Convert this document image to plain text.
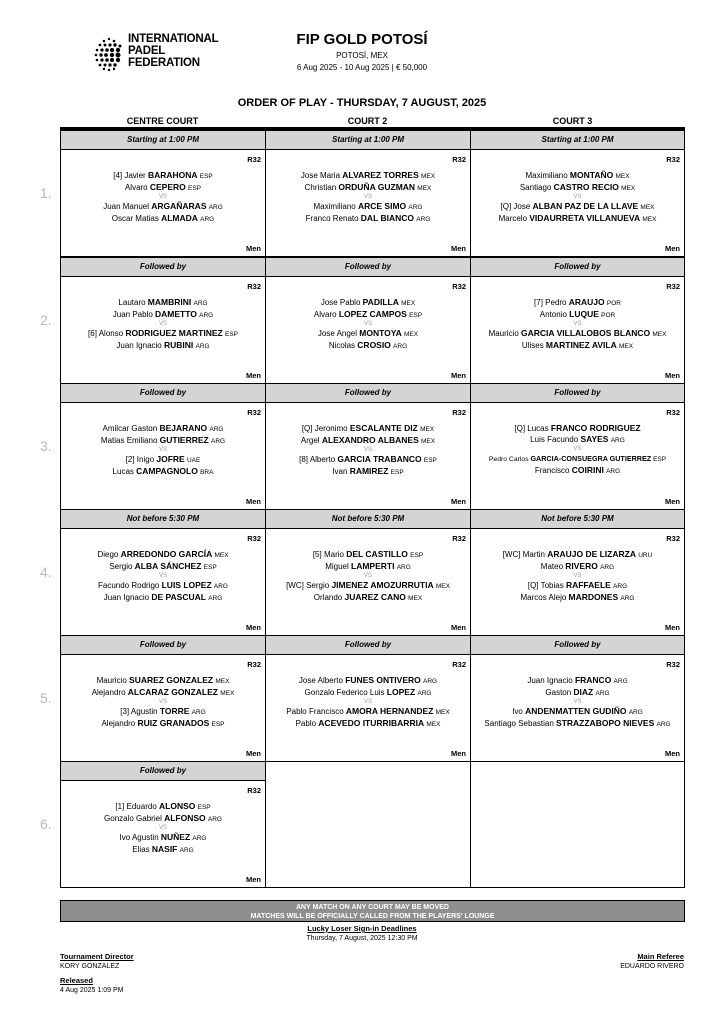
INTERNATIONAL
PADEL
FEDERATION
FIP GOLD POTOSÍ
POTOSÍ, MEX
6 Aug 2025 - 10 Aug 2025 | € 50,000
ORDER OF PLAY - THURSDAY, 7 AUGUST, 2025
CENTRE COURT	COURT 2	COURT 3
1.
Starting at 1:00 PM
R32
[4] Javier BARAHONA ESP
Alvaro CEPERO ESP
VS
Juan Manuel ARGAÑARAS ARG
Oscar Matias ALMADA ARG
Men
Starting at 1:00 PM
R32
Jose Maria ALVAREZ TORRES MEX
Christian ORDUÑA GUZMAN MEX
VS
Maximiliano ARCE SIMO ARG
Franco Renato DAL BIANCO ARG
Men
Starting at 1:00 PM
R32
Maximiliano MONTAÑO MEX
Santiago CASTRO RECIO MEX
VS
[Q] Jose ALBAN PAZ DE LA LLAVE MEX
Marcelo VIDAURRETA VILLANUEVA MEX
Men
2.
Followed by
R32
Lautaro MAMBRINI ARG
Juan Pablo DAMETTO ARG
VS
[6] Alonso RODRIGUEZ MARTINEZ ESP
Juan Ignacio RUBINI ARG
Men
Followed by
R32
Jose Pablo PADILLA MEX
Alvaro LOPEZ CAMPOS ESP
VS
Jose Angel MONTOYA MEX
Nicolas CROSIO ARG
Men
Followed by
R32
[7] Pedro ARAUJO POR
Antonio LUQUE POR
VS
Mauricio GARCIA VILLALOBOS BLANCO MEX
Ulises MARTINEZ AVILA MEX
Men
3.
Followed by
R32
Amilcar Gaston BEJARANO ARG
Matias Emiliano GUTIERREZ ARG
VS
[2] Inigo JOFRE UAE
Lucas CAMPAGNOLO BRA
Men
Followed by
R32
[Q] Jeronimo ESCALANTE DIZ MEX
Argel ALEXANDRO ALBANES MEX
VS
[8] Alberto GARCIA TRABANCO ESP
Ivan RAMIREZ ESP
Men
Followed by
R32
[Q] Lucas FRANCO RODRIGUEZ
Luis Facundo SAYES ARG
VS
Pedro Carlos GARCIA-CONSUEGRA GUTIERREZ ESP
Francisco COIRINI ARG
Men
4.
Not before 5:30 PM
R32
Diego ARREDONDO GARCÍA MEX
Sergio ALBA SÁNCHEZ ESP
VS
Facundo Rodrigo LUIS LOPEZ ARG
Juan Ignacio DE PASCUAL ARG
Men
Not before 5:30 PM
R32
[5] Mario DEL CASTILLO ESP
Miguel LAMPERTI ARG
VS
[WC] Sergio JIMENEZ AMOZURRUTIA MEX
Orlando JUAREZ CANO MEX
Men
Not before 5:30 PM
R32
[WC] Martin ARAUJO DE LIZARZA URU
Mateo RIVERO ARG
VS
[Q] Tobias RAFFAELE ARG
Marcos Alejo MARDONES ARG
Men
5.
Followed by
R32
Mauricio SUAREZ GONZALEZ MEX
Alejandro ALCARAZ GONZALEZ MEX
VS
[3] Agustin TORRE ARG
Alejandro RUIZ GRANADOS ESP
Men
Followed by
R32
Jose Alberto FUNES ONTIVERO ARG
Gonzalo Federico Luis LOPEZ ARG
VS
Pablo Francisco AMORA HERNANDEZ MEX
Pablo ACEVEDO ITURRIBARRIA MEX
Men
Followed by
R32
Juan Ignacio FRANCO ARG
Gaston DIAZ ARG
VS
Ivo ANDENMATTEN GUDIÑO ARG
Santiago Sebastian STRAZZABOPO NIEVES ARG
Men
6.
Followed by
R32
[1] Eduardo ALONSO ESP
Gonzalo Gabriel ALFONSO ARG
VS
Ivo Agustin NUÑEZ ARG
Elias NASIF ARG
Men
ANY MATCH ON ANY COURT MAY BE MOVED
MATCHES WILL BE OFFICIALLY CALLED FROM THE PLAYERS' LOUNGE
Lucky Loser Sign-in Deadlines
Thursday, 7 August, 2025 12:30 PM
Tournament Director
KORY GONZALEZ
Released
4 Aug 2025 1:09 PM
Main Referee
EDUARDO RIVERO
